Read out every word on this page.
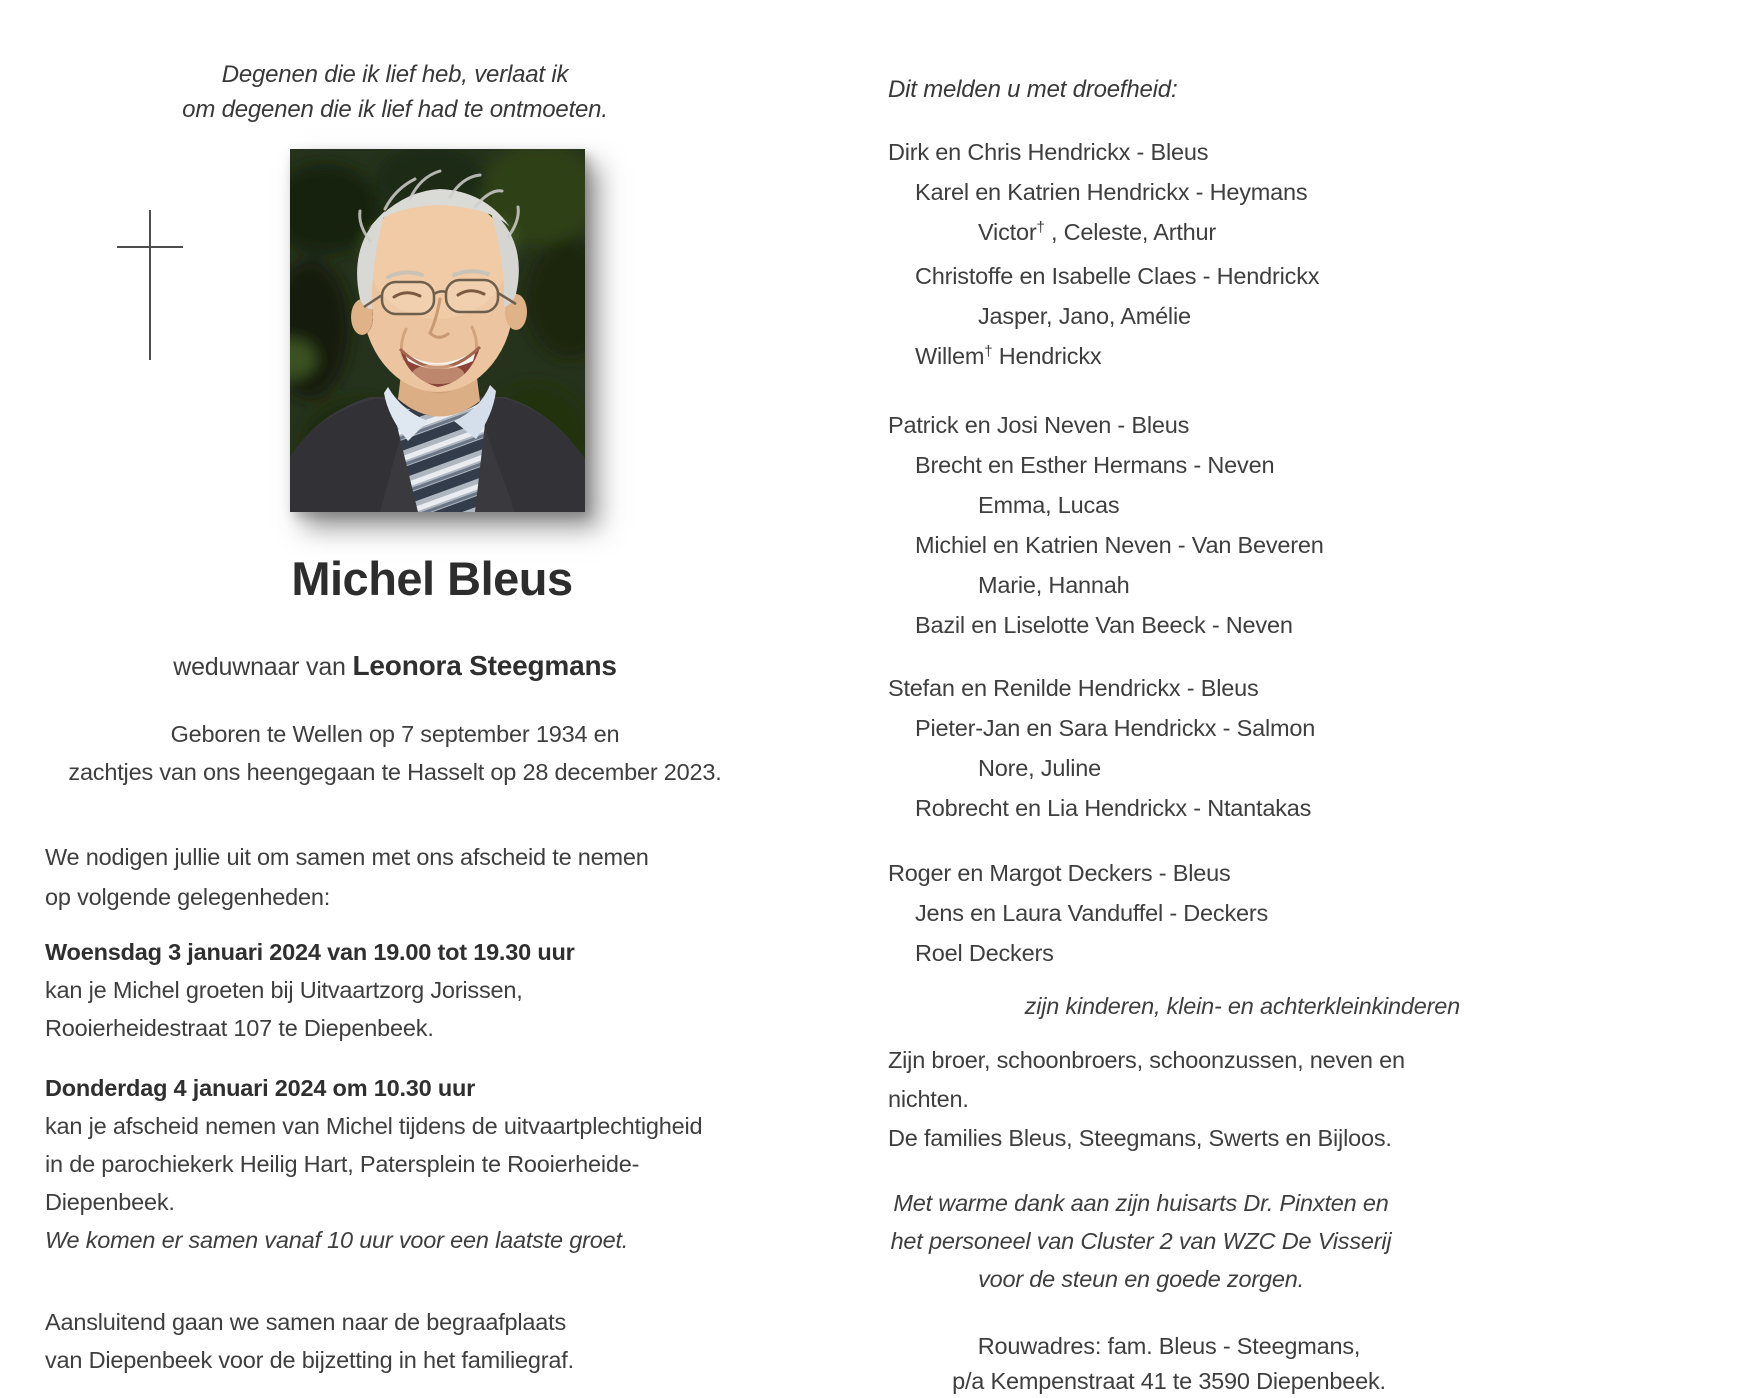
Degenen die ik lief heb, verlaat ik
om degenen die ik lief had te ontmoeten.
Michel Bleus
weduwnaar van Leonora Steegmans
Geboren te Wellen op 7 september 1934 en
zachtjes van ons heengegaan te Hasselt op 28 december 2023.
We nodigen jullie uit om samen met ons afscheid te nemen
op volgende gelegenheden:
Woensdag 3 januari 2024 van 19.00 tot 19.30 uur
kan je Michel groeten bij Uitvaartzorg Jorissen,
Rooierheidestraat 107 te Diepenbeek.
Donderdag 4 januari 2024 om 10.30 uur
kan je afscheid nemen van Michel tijdens de uitvaartplechtigheid
in de parochiekerk Heilig Hart, Patersplein te Rooierheide-Diepenbeek.
We komen er samen vanaf 10 uur voor een laatste groet.
Aansluitend gaan we samen naar de begraafplaats
van Diepenbeek voor de bijzetting in het familiegraf.
Dit melden u met droefheid:
Dirk en Chris Hendrickx - Bleus
Karel en Katrien Hendrickx - Heymans
Victor† , Celeste, Arthur
Christoffe en Isabelle Claes - Hendrickx
Jasper, Jano, Amélie
Willem† Hendrickx
Patrick en Josi Neven - Bleus
Brecht en Esther Hermans - Neven
Emma, Lucas
Michiel en Katrien Neven - Van Beveren
Marie, Hannah
Bazil en Liselotte Van Beeck - Neven
Stefan en Renilde Hendrickx - Bleus
Pieter-Jan en Sara Hendrickx - Salmon
Nore, Juline
Robrecht en Lia Hendrickx - Ntantakas
Roger en Margot Deckers - Bleus
Jens en Laura Vanduffel - Deckers
Roel Deckers
zijn kinderen, klein- en achterkleinkinderen
Zijn broer, schoonbroers, schoonzussen, neven en nichten.
De families Bleus, Steegmans, Swerts en Bijloos.
Met warme dank aan zijn huisarts Dr. Pinxten en
het personeel van Cluster 2 van WZC De Visserij
voor de steun en goede zorgen.
Rouwadres: fam. Bleus - Steegmans,
p/a Kempenstraat 41 te 3590 Diepenbeek.
